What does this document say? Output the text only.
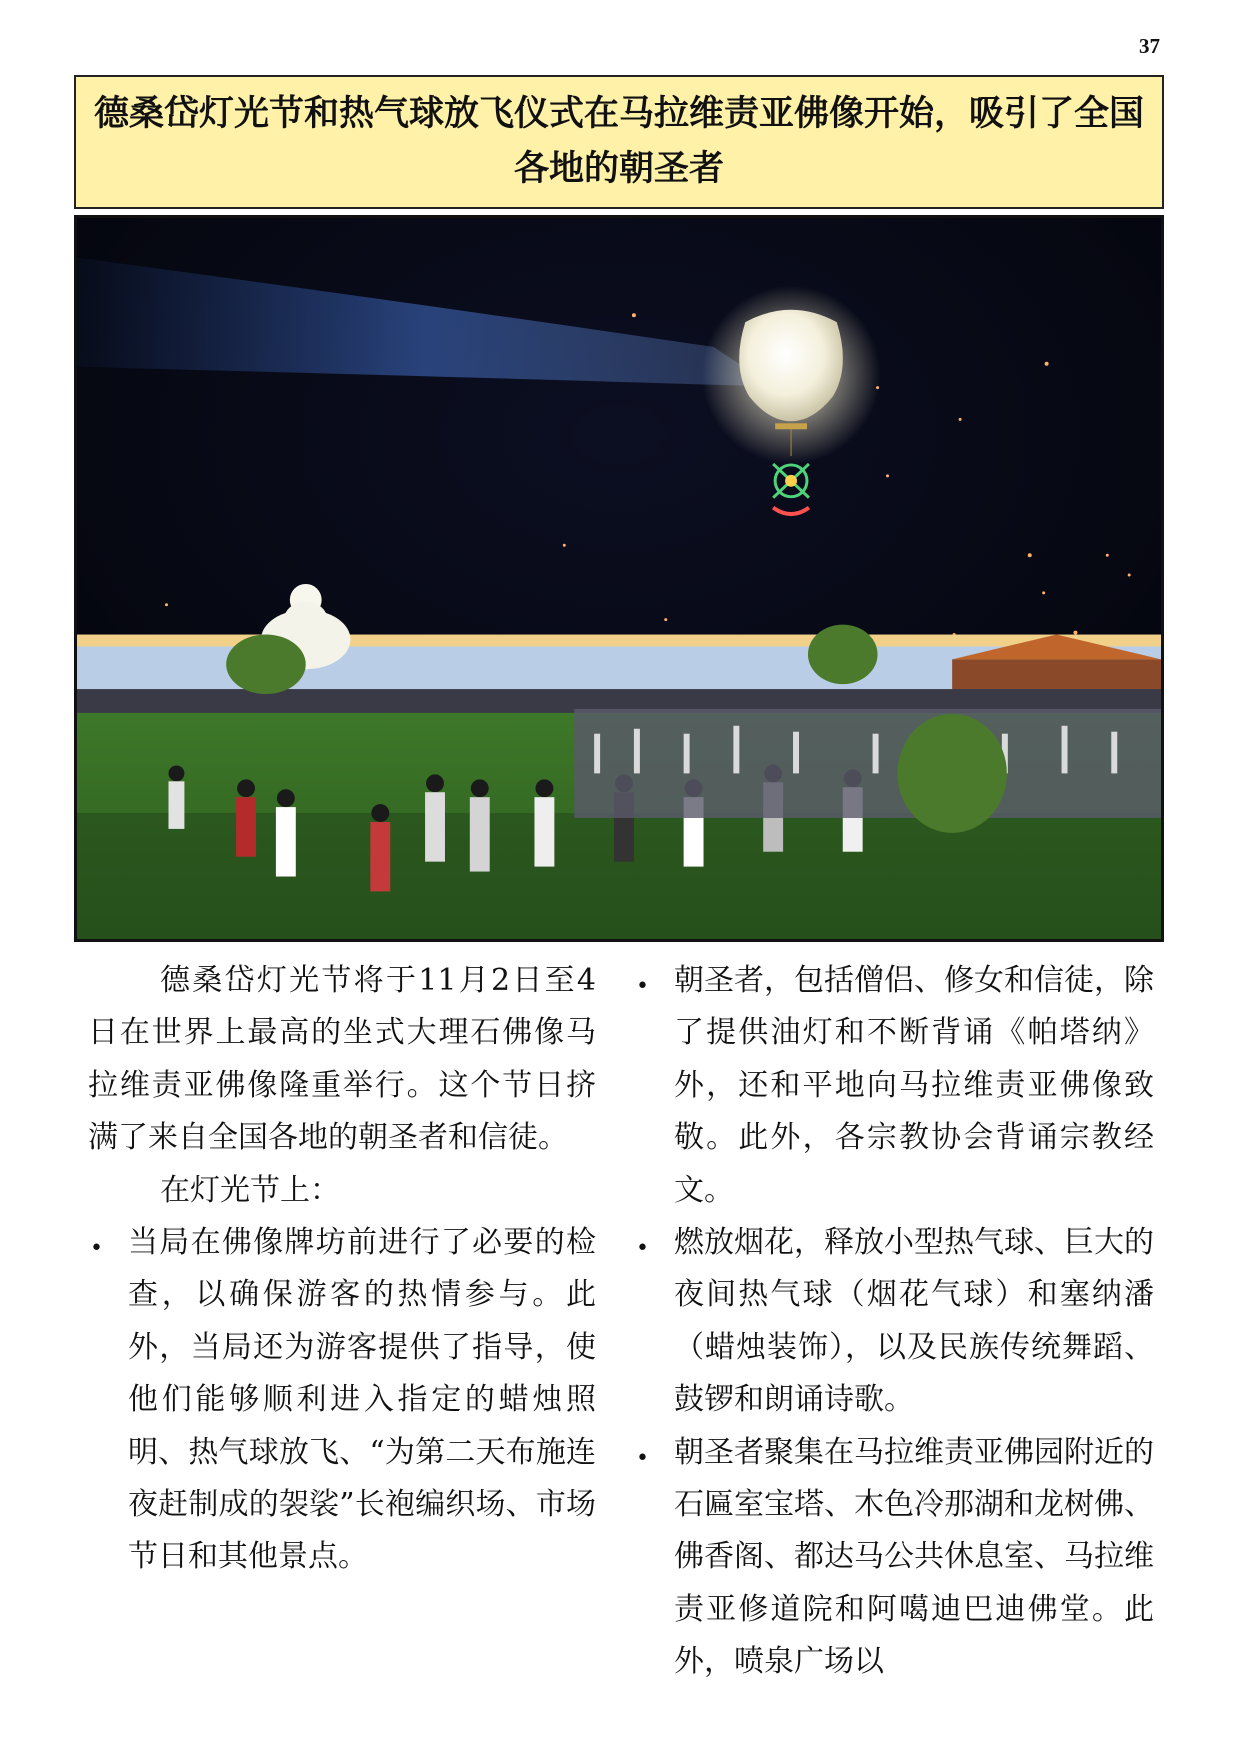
37
德桑岱灯光节和热气球放飞仪式在马拉维责亚佛像开始，吸引了全国各地的朝圣者

德桑岱灯光节将于11月2日至4日在世界上最高的坐式大理石佛像马拉维责亚佛像隆重举行。这个节日挤满了来自全国各地的朝圣者和信徒。

在灯光节上：

• 当局在佛像牌坊前进行了必要的检查，以确保游客的热情参与。此外，当局还为游客提供了指导，使他们能够顺利进入指定的蜡烛照明、热气球放飞、“为第二天布施连夜赶制成的袈裟”长袍编织场、市场节日和其他景点。
• 朝圣者，包括僧侣、修女和信徒，除了提供油灯和不断背诵《帕塔纳》外，还和平地向马拉维责亚佛像致敬。此外，各宗教协会背诵宗教经文。
• 燃放烟花，释放小型热气球、巨大的夜间热气球（烟花气球）和塞纳潘（蜡烛装饰），以及民族传统舞蹈、鼓锣和朗诵诗歌。
• 朝圣者聚集在马拉维责亚佛园附近的石匾室宝塔、木色冷那湖和龙树佛、佛香阁、都达马公共休息室、马拉维责亚修道院和阿噶迪巴迪佛堂。此外，喷泉广场以
